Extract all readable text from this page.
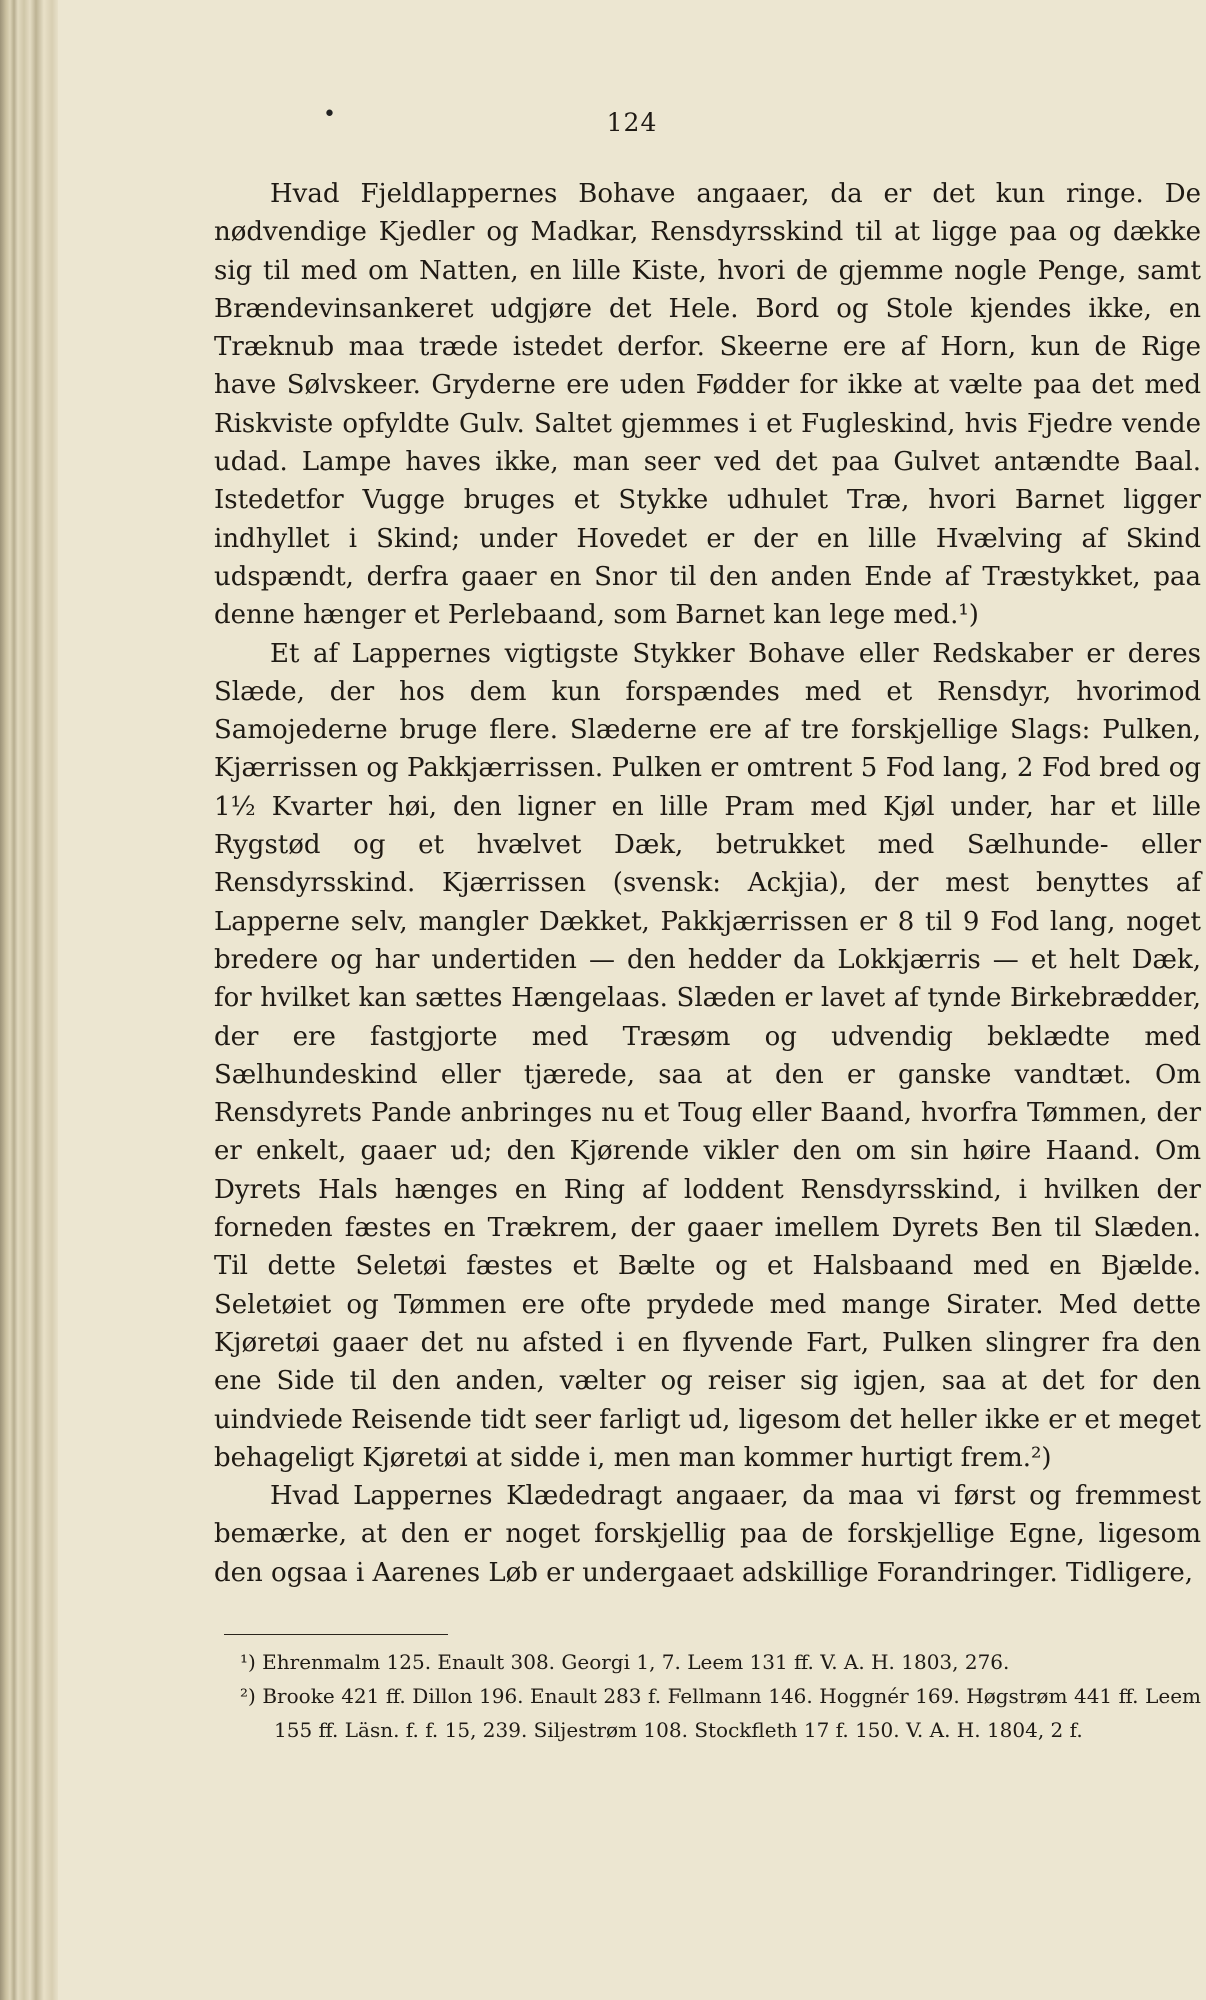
•	124

Hvad Fjeldlappernes Bohave angaaer, da er det kun ringe. De nødvendige Kjedler og Madkar, Rensdyrsskind til at ligge paa og dække sig til med om Natten, en lille Kiste, hvori de gjemme nogle Penge, samt Brændevinsankeret udgjøre det Hele. Bord og Stole kjendes ikke, en Træknub maa træde istedet derfor. Skeerne ere af Horn, kun de Rige have Sølvskeer. Gryderne ere uden Fødder for ikke at vælte paa det med Riskviste opfyldte Gulv. Saltet gjemmes i et Fugleskind, hvis Fjedre vende udad. Lampe haves ikke, man seer ved det paa Gulvet antændte Baal. Istedetfor Vugge bruges et Stykke udhulet Træ, hvori Barnet ligger indhyllet i Skind; under Hovedet er der en lille Hvælving af Skind udspændt, derfra gaaer en Snor til den anden Ende af Træstykket, paa denne hænger et Perlebaand, som Barnet kan lege med.¹)

Et af Lappernes vigtigste Stykker Bohave eller Redskaber er deres Slæde, der hos dem kun forspændes med et Rensdyr, hvorimod Samojederne bruge flere. Slæderne ere af tre forskjellige Slags: Pulken, Kjærrissen og Pakkjærrissen. Pulken er omtrent 5 Fod lang, 2 Fod bred og 1½ Kvarter høi, den ligner en lille Pram med Kjøl under, har et lille Rygstød og et hvælvet Dæk, betrukket med Sælhunde- eller Rensdyrsskind. Kjærrissen (svensk: Ackjia), der mest benyttes af Lapperne selv, mangler Dækket, Pakkjærrissen er 8 til 9 Fod lang, noget bredere og har undertiden — den hedder da Lokkjærris — et helt Dæk, for hvilket kan sættes Hængelaas. Slæden er lavet af tynde Birkebrædder, der ere fastgjorte med Træsøm og udvendig beklædte med Sælhundeskind eller tjærede, saa at den er ganske vandtæt. Om Rensdyrets Pande anbringes nu et Toug eller Baand, hvorfra Tømmen, der er enkelt, gaaer ud; den Kjørende vikler den om sin høire Haand. Om Dyrets Hals hænges en Ring af loddent Rensdyrsskind, i hvilken der forneden fæstes en Trækrem, der gaaer imellem Dyrets Ben til Slæden. Til dette Seletøi fæstes et Bælte og et Halsbaand med en Bjælde. Seletøiet og Tømmen ere ofte prydede med mange Sirater. Med dette Kjøretøi gaaer det nu afsted i en flyvende Fart, Pulken slingrer fra den ene Side til den anden, vælter og reiser sig igjen, saa at det for den uindviede Reisende tidt seer farligt ud, ligesom det heller ikke er et meget behageligt Kjøretøi at sidde i, men man kommer hurtigt frem.²)

Hvad Lappernes Klædedragt angaaer, da maa vi først og fremmest bemærke, at den er noget forskjellig paa de forskjellige Egne, ligesom den ogsaa i Aarenes Løb er undergaaet adskillige Forandringer. Tidligere,

¹) Ehrenmalm 125. Enault 308. Georgi 1, 7. Leem 131 ff. V. A. H. 1803, 276.

²) Brooke 421 ff. Dillon 196. Enault 283 f. Fellmann 146. Hoggnér 169. Høgstrøm 441 ff. Leem 155 ff. Läsn. f. f. 15, 239. Siljestrøm 108. Stockfleth 17 f. 150. V. A. H. 1804, 2 f.
